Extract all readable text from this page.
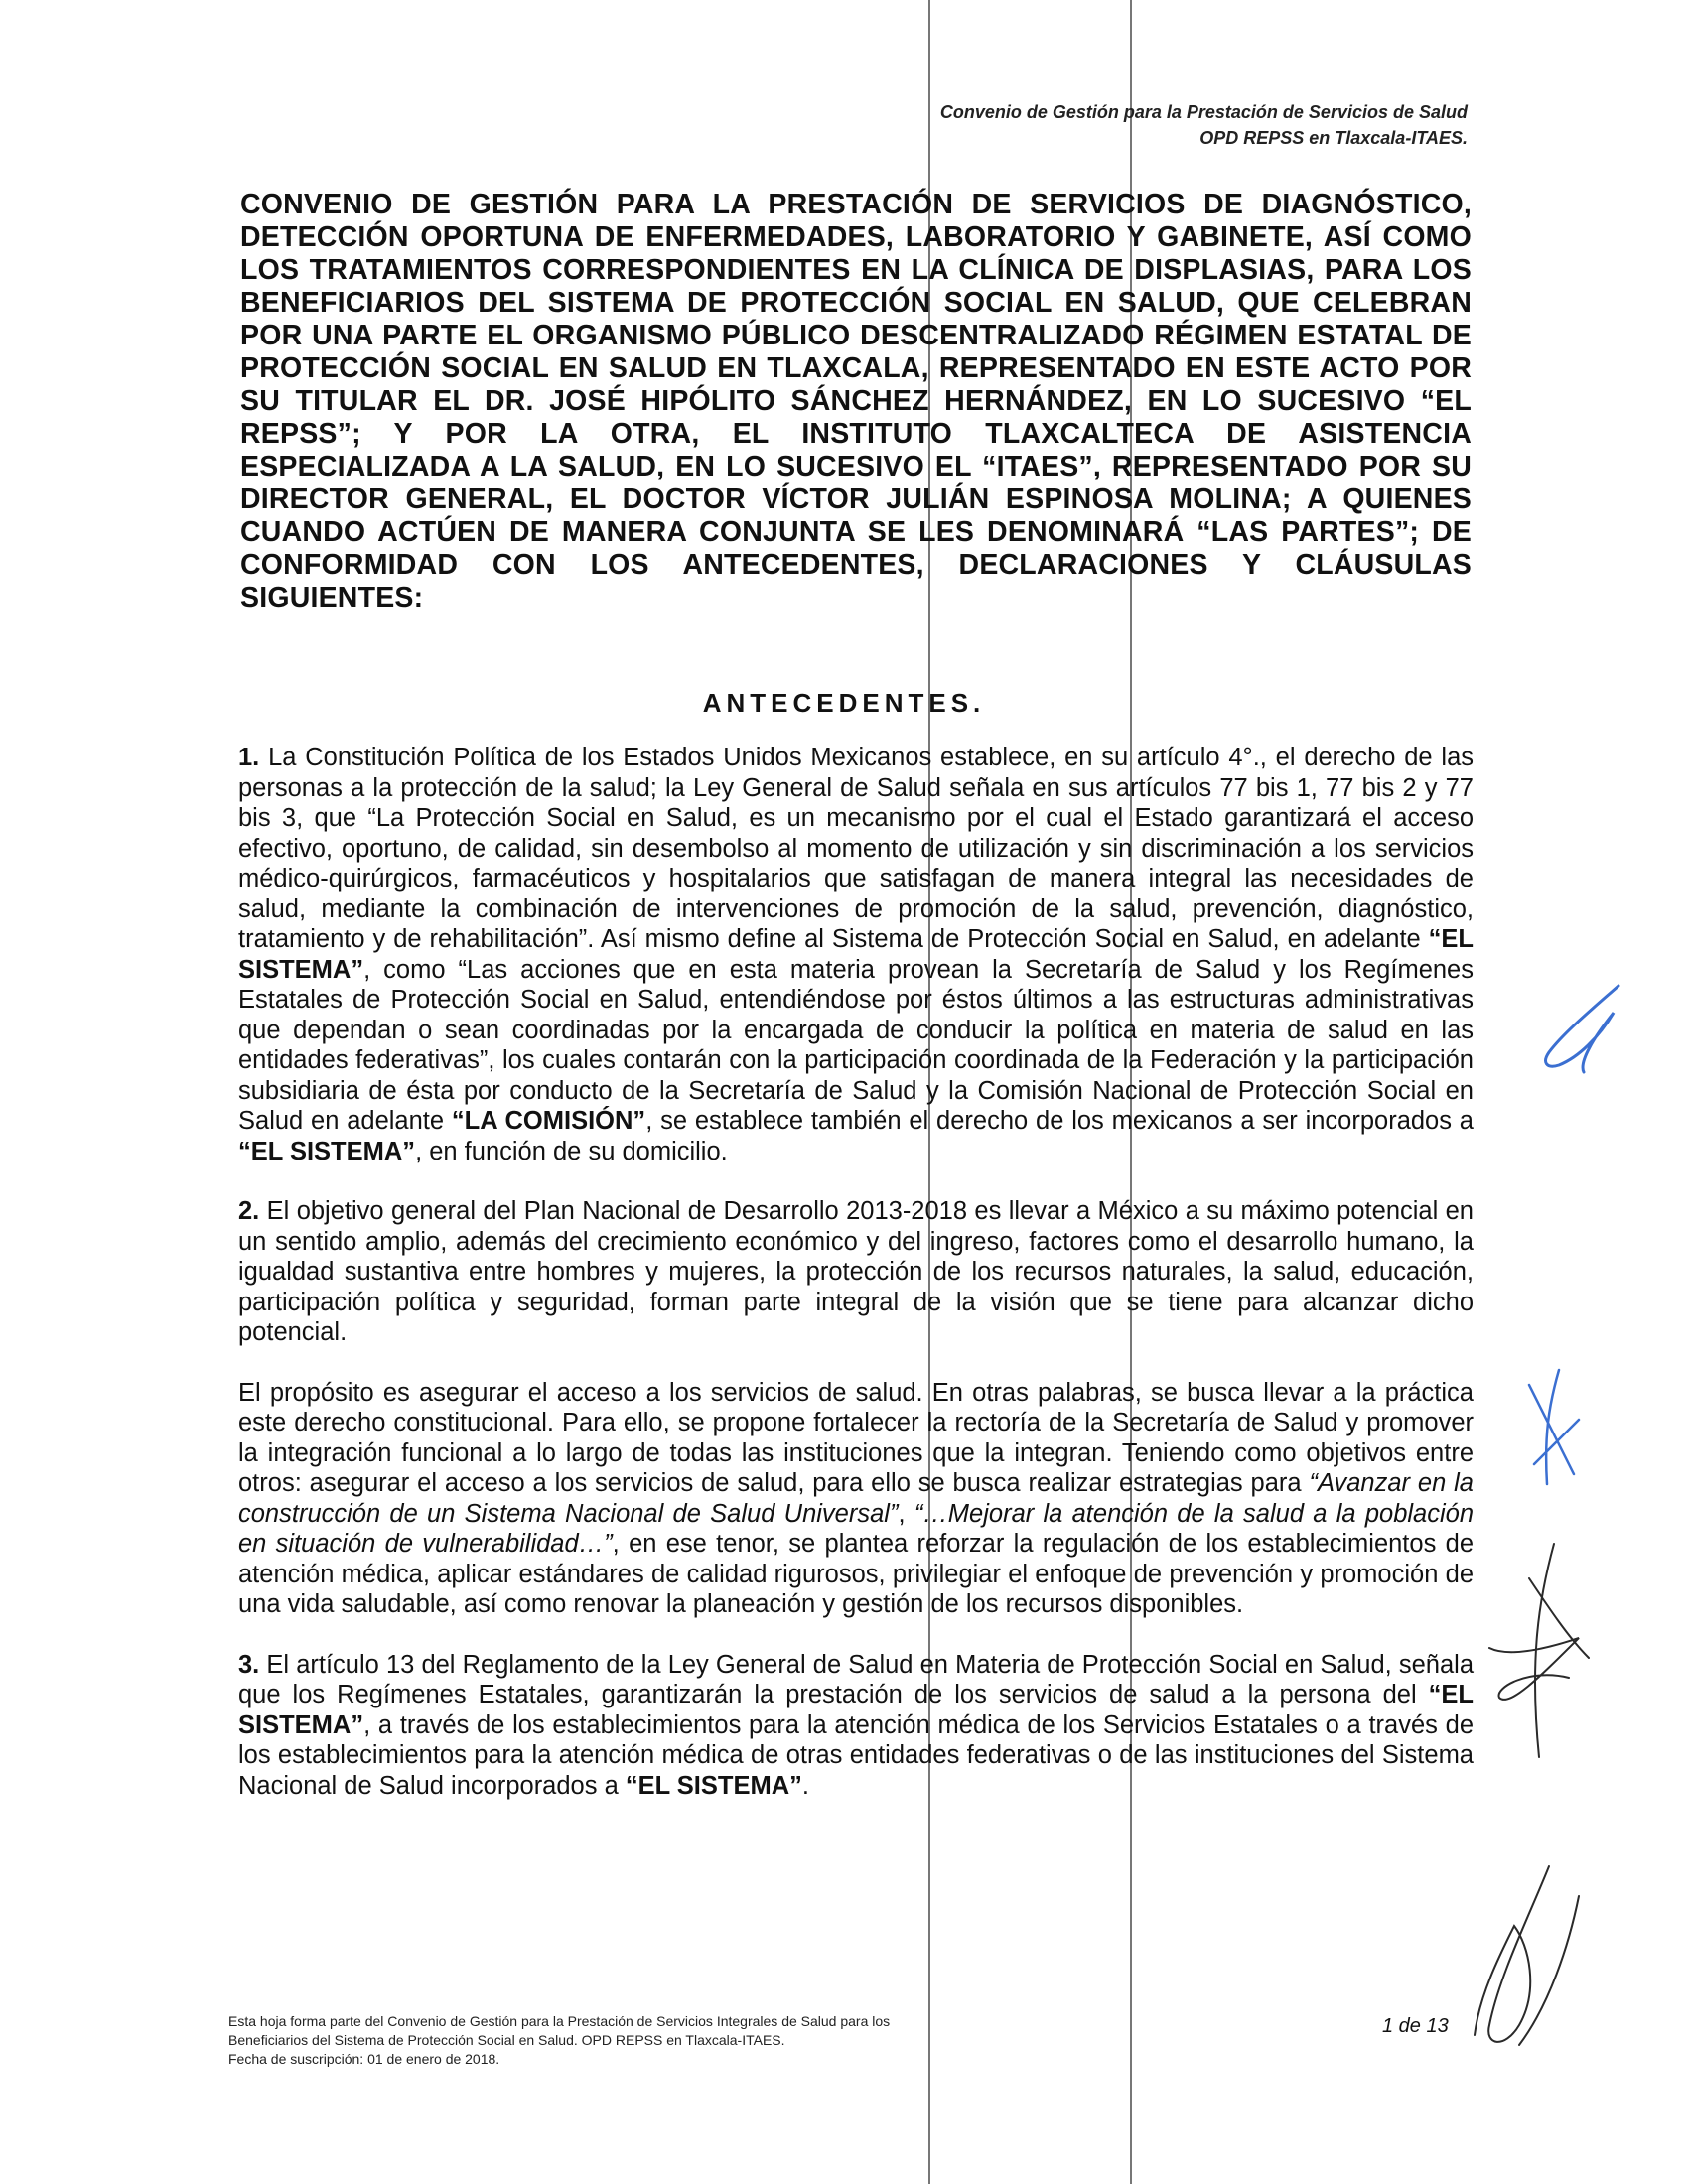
Convenio de Gestión para la Prestación de Servicios de Salud
OPD REPSS en Tlaxcala-ITAES.
CONVENIO DE GESTIÓN PARA LA PRESTACIÓN DE SERVICIOS DE DIAGNÓSTICO, DETECCIÓN OPORTUNA DE ENFERMEDADES, LABORATORIO Y GABINETE, ASÍ COMO LOS TRATAMIENTOS CORRESPONDIENTES EN LA CLÍNICA DE DISPLASIAS, PARA LOS BENEFICIARIOS DEL SISTEMA DE PROTECCIÓN SOCIAL EN SALUD, QUE CELEBRAN POR UNA PARTE EL ORGANISMO PÚBLICO DESCENTRALIZADO RÉGIMEN ESTATAL DE PROTECCIÓN SOCIAL EN SALUD EN TLAXCALA, REPRESENTADO EN ESTE ACTO POR SU TITULAR EL DR. JOSÉ HIPÓLITO SÁNCHEZ HERNÁNDEZ, EN LO SUCESIVO “EL REPSS”; Y POR LA OTRA, EL INSTITUTO TLAXCALTECA DE ASISTENCIA ESPECIALIZADA A LA SALUD, EN LO SUCESIVO EL “ITAES”, REPRESENTADO POR SU DIRECTOR GENERAL, EL DOCTOR VÍCTOR JULIÁN ESPINOSA MOLINA; A QUIENES CUANDO ACTÚEN DE MANERA CONJUNTA SE LES DENOMINARÁ “LAS PARTES”; DE CONFORMIDAD CON LOS ANTECEDENTES, DECLARACIONES Y CLÁUSULAS SIGUIENTES:
ANTECEDENTES.

1. La Constitución Política de los Estados Unidos Mexicanos establece, en su artículo 4°., el derecho de las personas a la protección de la salud; la Ley General de Salud señala en sus artículos 77 bis 1, 77 bis 2 y 77 bis 3, que “La Protección Social en Salud, es un mecanismo por el cual el Estado garantizará el acceso efectivo, oportuno, de calidad, sin desembolso al momento de utilización y sin discriminación a los servicios médico-quirúrgicos, farmacéuticos y hospitalarios que satisfagan de manera integral las necesidades de salud, mediante la combinación de intervenciones de promoción de la salud, prevención, diagnóstico, tratamiento y de rehabilitación”. Así mismo define al Sistema de Protección Social en Salud, en adelante “EL SISTEMA”, como “Las acciones que en esta materia provean la Secretaría de Salud y los Regímenes Estatales de Protección Social en Salud, entendiéndose por éstos últimos a las estructuras administrativas que dependan o sean coordinadas por la encargada de conducir la política en materia de salud en las entidades federativas”, los cuales contarán con la participación coordinada de la Federación y la participación subsidiaria de ésta por conducto de la Secretaría de Salud y la Comisión Nacional de Protección Social en Salud en adelante “LA COMISIÓN”, se establece también el derecho de los mexicanos a ser incorporados a “EL SISTEMA”, en función de su domicilio.

2. El objetivo general del Plan Nacional de Desarrollo 2013-2018 es llevar a México a su máximo potencial en un sentido amplio, además del crecimiento económico y del ingreso, factores como el desarrollo humano, la igualdad sustantiva entre hombres y mujeres, la protección de los recursos naturales, la salud, educación, participación política y seguridad, forman parte integral de la visión que se tiene para alcanzar dicho potencial.

El propósito es asegurar el acceso a los servicios de salud. En otras palabras, se busca llevar a la práctica este derecho constitucional. Para ello, se propone fortalecer la rectoría de la Secretaría de Salud y promover la integración funcional a lo largo de todas las instituciones que la integran. Teniendo como objetivos entre otros: asegurar el acceso a los servicios de salud, para ello se busca realizar estrategias para “Avanzar en la construcción de un Sistema Nacional de Salud Universal”, “…Mejorar la atención de la salud a la población en situación de vulnerabilidad…”, en ese tenor, se plantea reforzar la regulación de los establecimientos de atención médica, aplicar estándares de calidad rigurosos, privilegiar el enfoque de prevención y promoción de una vida saludable, así como renovar la planeación y gestión de los recursos disponibles.

3. El artículo 13 del Reglamento de la Ley General de Salud en Materia de Protección Social en Salud, señala que los Regímenes Estatales, garantizarán la prestación de los servicios de salud a la persona del “EL SISTEMA”, a través de los establecimientos para la atención médica de los Servicios Estatales o a través de los establecimientos para la atención médica de otras entidades federativas o de las instituciones del Sistema Nacional de Salud incorporados a “EL SISTEMA”.

Esta hoja forma parte del Convenio de Gestión para la Prestación de Servicios Integrales de Salud para los
Beneficiarios del Sistema de Protección Social en Salud. OPD REPSS en Tlaxcala-ITAES.
Fecha de suscripción: 01 de enero de 2018.
1 de 13
